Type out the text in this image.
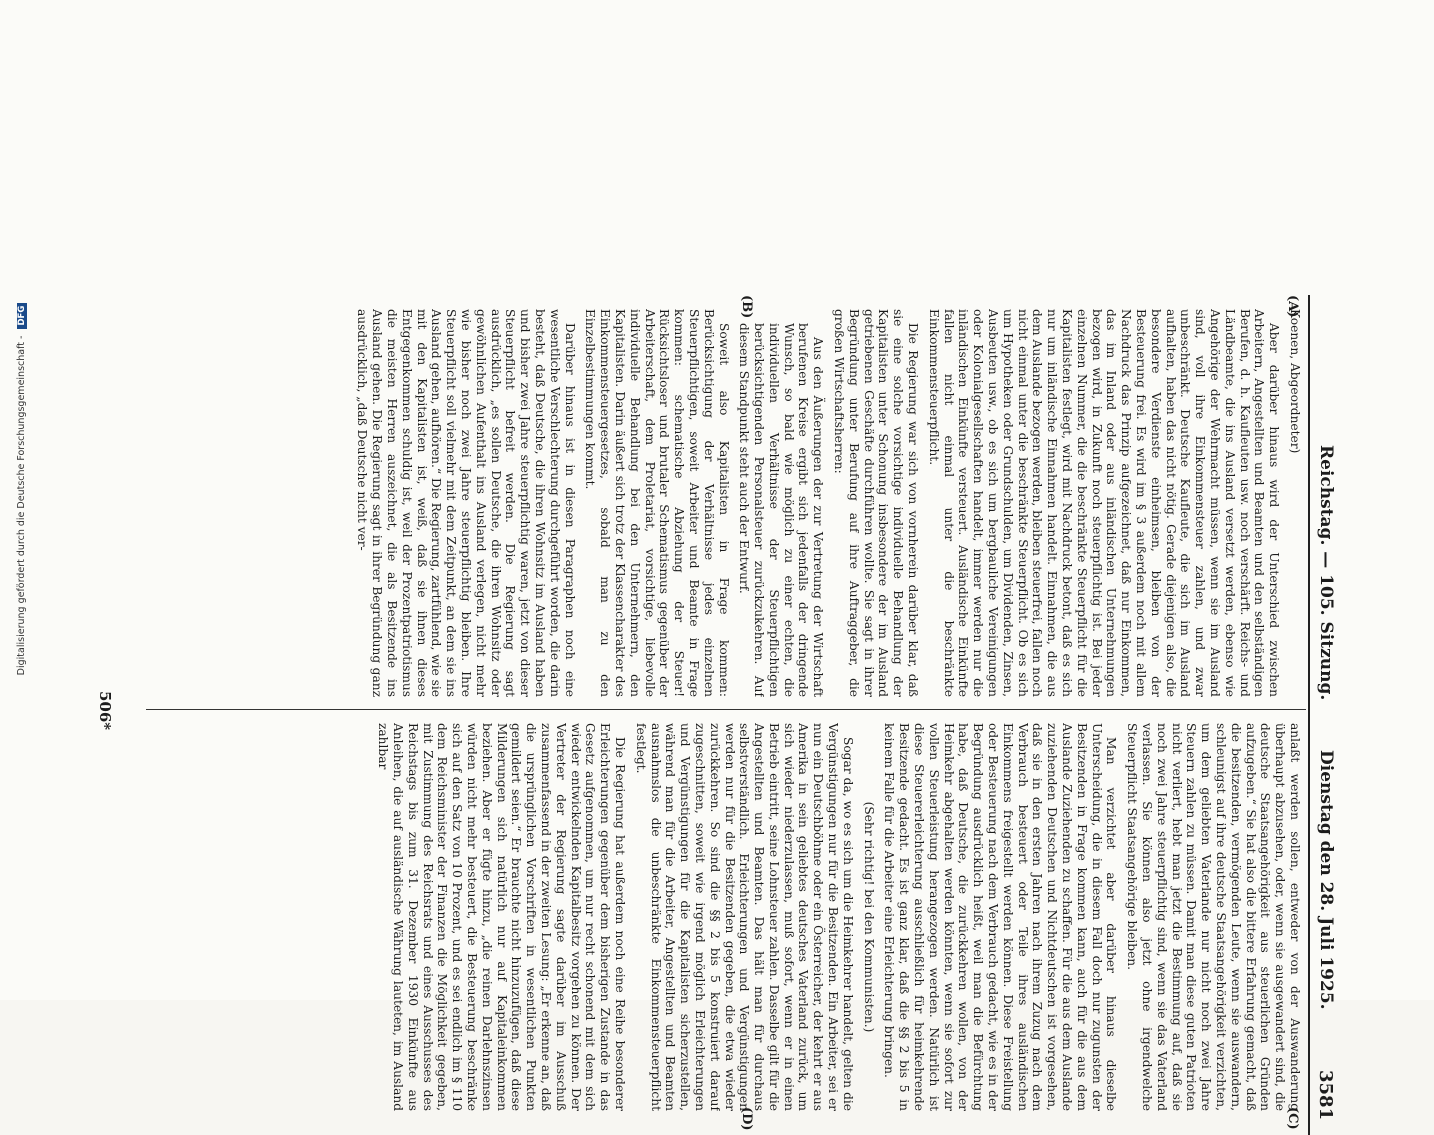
Reichstag. — 105. Sitzung.
Dienstag den 28. Juli 1925.
3581
(A)
(B)
(C)
(D)

Koenen, Abgeordneter)

Aber darüber hinaus wird der Unterschied zwischen Arbeitern, Angestellten und Beamten und den selbständigen Berufen, d. h. Kaufleuten usw. noch verschärft. Reichs- und Ländbeamte, die ins Ausland versetzt werden, ebenso wie Angehörige der Wehrmacht müssen, wenn sie im Ausland sind, voll ihre Einkommensteuer zahlen, und zwar unbeschränkt. Deutsche Kaufleute, die sich im Ausland aufhalten, haben das nicht nötig. Gerade diejenigen also, die besondere Verdienste einheimsen, bleiben von der Besteuerung frei. Es wird im § 3 außerdem noch mit allem Nachdruck das Prinzip aufgezeichnet, daß nur Einkommen, das im Inland oder aus inländischen Unternehmungen bezogen wird, in Zukunft noch steuerpflichtig ist. Bei jeder einzelnen Nummer, die die beschränkte Steuerpflicht für die Kapitalisten festlegt, wird mit Nachdruck betont, daß es sich nur um inländische Einnahmen handelt. Einnahmen, die aus dem Auslande bezogen werden, bleiben steuerfrei, fallen noch nicht einmal unter die beschränkte Steuerpflicht. Ob es sich um Hypotheken oder Grundschulden, um Dividenden, Zinsen, Ausbeuten usw., ob es sich um bergbauliche Vereinigungen oder Kolonialgesellschaften handelt, immer werden nur die inländischen Einkünfte versteuert. Ausländische Einkünfte fallen nicht einmal unter die beschränkte Einkommensteuerpflicht.

Die Regierung war sich von vornherein darüber klar, daß sie eine solche vorsichtige individuelle Behandlung der Kapitalisten unter Schonung insbesondere der im Ausland getriebenen Geschäfte durchführen wollte. Sie sagt in ihrer Begründung unter Berufung auf ihre Auftraggeber, die großen Wirtschaftsherren:

Aus den Äußerungen der zur Vertretung der Wirtschaft berufenen Kreise ergibt sich jedenfalls der dringende Wunsch, so bald wie möglich zu einer echten, die individuellen Verhältnisse der Steuerpflichtigen berücksichtigenden Personalsteuer zurückzukehren. Auf diesem Standpunkt steht auch der Entwurf.

Soweit also Kapitalisten in Frage kommen: Berücksichtigung der Verhältnisse jedes einzelnen Steuerpflichtigen, soweit Arbeiter und Beamte in Frage kommen: schematische Abziehung der Steuer! Rücksichtsloser und brutaler Schematismus gegenüber der Arbeiterschaft, dem Proletariat, vorsichtige, liebevolle individuelle Behandlung bei den Unternehmern, den Kapitalisten. Darin äußert sich trotz der Klassencharakter des Einkommensteuergesetzes, sobald man zu den Einzelbestimmungen kommt.

Darüber hinaus ist in diesen Paragraphen noch eine wesentliche Verschlechterung durchgeführt worden, die darin besteht, daß Deutsche, die ihren Wohnsitz im Ausland haben und bisher zwei Jahre steuerpflichtig waren, jetzt von dieser Steuerpflicht befreit werden. Die Regierung sagt ausdrücklich, „es sollen Deutsche, die ihren Wohnsitz oder gewöhnlichen Aufenthalt ins Ausland verlegen, nicht mehr wie bisher noch zwei Jahre steuerpflichtig bleiben. Ihre Steuerpflicht soll vielmehr mit dem Zeitpunkt, an dem sie ins Ausland gehen, aufhören.“ Die Regierung, zartfühlend, wie sie mit den Kapitalisten ist, weiß, daß sie ihnen dieses Entgegenkommen schuldig ist, weil der Prozentpatriotismus die meisten Herren auszeichnet, die als Besitzende ins Ausland gehen. Die Regierung sagt in ihrer Begründung ganz ausdrücklich, „daß Deutsche nicht ver-

anlaßt werden sollen, entweder von der Auswanderung überhaupt abzusehen, oder, wenn sie ausgewandert sind, die deutsche Staatsangehörigkeit aus steuerlichen Gründen aufzugeben.“ Sie hat also die bittere Erfahrung gemacht, daß die besitzenden, vermögenden Leute, wenn sie auswandern, schleunigst auf ihre deutsche Staatsangehörigkeit verzichten, um dem geliebten Vaterlande nur nicht noch zwei Jahre Steuern zahlen zu müssen. Damit man diese guten Patrioten nicht verliert, hebt man jetzt die Bestimmung auf, daß sie noch zwei Jahre steuerpflichtig sind, wenn sie das Vaterland verlassen. Sie können also jetzt ohne irgendwelche Steuerpflicht Staatsangehörige bleiben.

Man verzichtet aber darüber hinaus dieselbe Unterscheidung, die in diesem Fall doch nur zugunsten der Besitzenden in Frage kommen kann, auch für die aus dem Auslande Zuziehenden zu schaffen. Für die aus dem Auslande zuziehenden Deutschen und Nichtdeutschen ist vorgesehen, daß sie in den ersten Jahren nach ihrem Zuzug nach dem Verbrauch besteuert oder Teile ihres ausländischen Einkommens freigestellt werden können. Diese Freistellung oder Besteuerung nach dem Verbrauch gedacht, wie es in der Begründung ausdrücklich heißt, weil man die Befürchtung habe, daß Deutsche, die zurückkehren wollen, von der Heimkehr abgehalten werden könnten, wenn sie sofort zur vollen Steuerleistung herangezogen werden. Natürlich ist diese Steuererleichterung ausschließlich für heimkehrende Besitzende gedacht. Es ist ganz klar, daß die §§ 2 bis 5 in keinem Falle für die Arbeiter eine Erleichterung bringen.

(Sehr richtig! bei den Kommunisten.)

Sogar da, wo es sich um die Heimkehrer handelt, gelten die Vergünstigungen nur für die Besitzenden. Ein Arbeiter, sei er nun ein Deutschböhme oder ein Österreicher, der kehrt er aus Amerika in sein geliebtes deutsches Vaterland zurück, um sich wieder niederzulassen, muß sofort, wenn er in einen Betrieb eintritt, seine Lohnsteuer zahlen. Dasselbe gilt für die Angestellten und Beamten. Das hält man für durchaus selbstverständlich. Erleichterungen und Vergünstigungen werden nur für die Besitzenden gegeben, die etwa wieder zurückkehren. So sind die §§ 2 bis 5 konstruiert darauf zugeschnitten, soweit wie irgend möglich Erleichterungen und Vergünstigungen für die Kapitalisten sicherzustellen, während man für die Arbeiter, Angestellten und Beamten ausnahmslos die unbeschränkte Einkommensteuerpflicht festlegt.

Die Regierung hat außerdem noch eine Reihe besonderer Erleichterungen gegenüber dem bisherigen Zustande in das Gesetz aufgenommen, um nur recht schonend mit dem sich wieder entwickelnden Kapitalbesitz vorgehen zu können. Der Vertreter der Regierung sagte darüber im Ausschuß zusammenfassend in der zweiten Lesung: „Er erkenne an, daß die ursprünglichen Vorschriften in wesentlichen Punkten gemildert seien.“ Er brauchte nicht hinzuzufügen, daß diese Milderungen sich natürlich nur auf Kapitaleinkommen beziehen. Aber er fügte hinzu, „die reinen Darlehnszinsen würden nicht mehr besteuert, die Besteuerung beschränke sich auf den Satz von 10 Prozent, und es sei endlich im § 110 dem Reichsminister der Finanzen die Möglichkeit gegeben, mit Zustimmung des Reichsrats und eines Ausschusses des Reichstags bis zum 31. Dezember 1930 Einkünfte aus Anleihen, die auf ausländische Währung lauteten, im Ausland zahlbar

506*
Digitalisierung gefördert durch die Deutsche Forschungsgemeinschaft - DFG
